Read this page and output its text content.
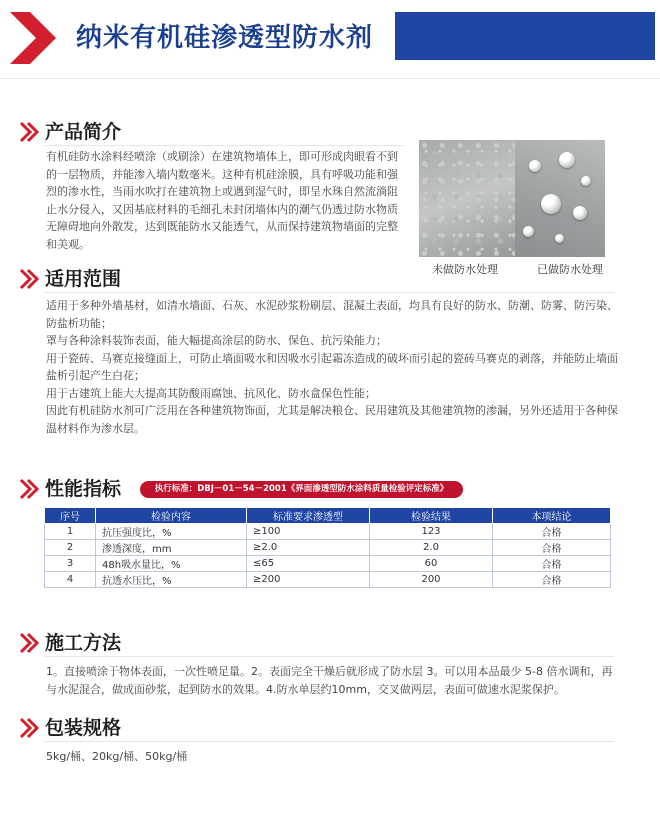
纳米有机硅渗透型防水剂
产品简介
有机硅防水涂料经喷涂（或刷涂）在建筑物墙体上，即可形成肉眼看不到的一层物质，并能渗入墙内数毫米。这种有机硅涂膜，具有呼吸功能和强烈的渗水性，当雨水吹打在建筑物上或遇到湿气时，即呈水珠自然流淌阻止水分侵入，又因基底材料的毛细孔未封闭墙体内的潮气仍透过防水物质无障碍地向外散发，达到既能防水又能透气，从而保持建筑物墙面的完整和美观。
未做防水处理	已做防水处理
适用范围
适用于多种外墙基材，如清水墙面、石灰、水泥砂浆粉刷层、混凝土表面，均具有良好的防水、防潮、防雾、防污染、防盐析功能；
罩与各种涂料装饰表面，能大幅提高涂层的防水、保色、抗污染能力；
用于瓷砖、马赛克接缝面上，可防止墙面吸水和因吸水引起霜冻造成的破坏而引起的瓷砖马赛克的剥落，并能防止墙面盐析引起产生白花；
用于古建筑上能大大提高其防酸雨腐蚀、抗风化、防水盒保色性能；
因此有机硅防水剂可广泛用在各种建筑物饰面，尤其是解决粮仓、民用建筑及其他建筑物的渗漏，另外还适用于各种保温材料作为渗水层。
性能指标	执行标准：DBJ－01－54－2001《界面渗透型防水涂料质量检验评定标准》
序号	检验内容	标准要求渗透型	检验结果	本项结论
1	抗压强度比，%	≥100	123	合格
2	渗透深度，mm	≥2.0	2.0	合格
3	48h吸水量比，%	≤65	60	合格
4	抗透水压比，%	≥200	200	合格
施工方法
1。直接喷涂于物体表面，一次性喷足量。2。表面完全干燥后就形成了防水层 3。可以用本品最少 5-8 倍水调和，再与水泥混合，做成面砂浆，起到防水的效果。4.防水单层约10mm，交叉做两层，表面可做速水泥浆保护。
包装规格
5kg/桶、20kg/桶、50kg/桶
